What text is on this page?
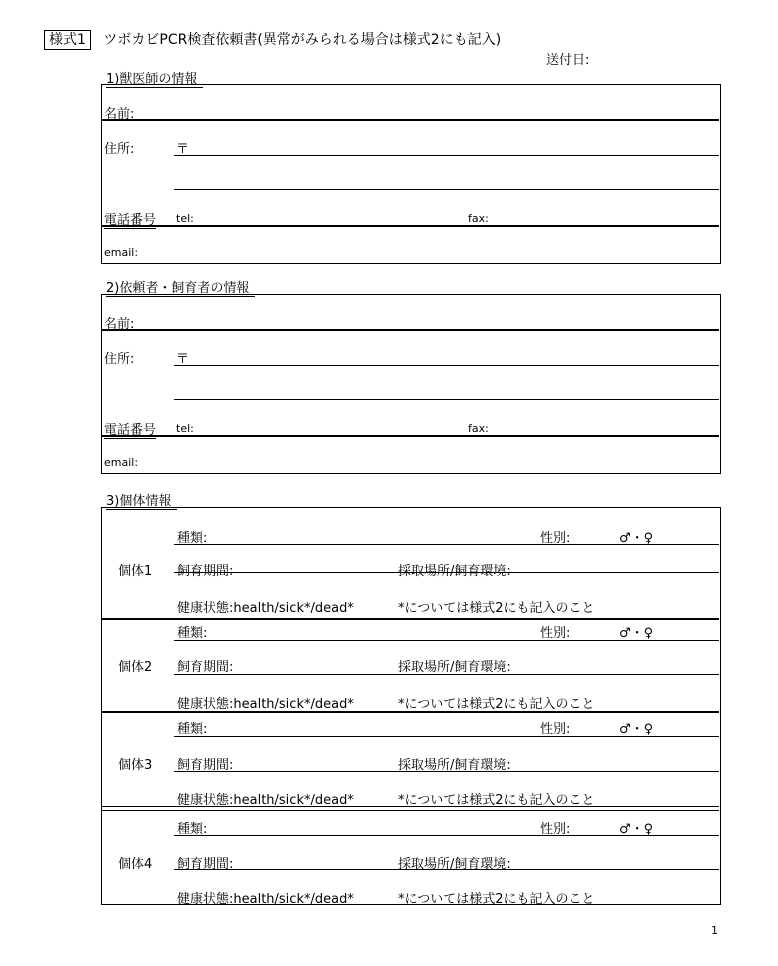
様式1 ツボカビPCR検査依頼書(異常がみられる場合は様式2にも記入)
送付日:
1)獣医師の情報
名前:
住所:	〒
電話番号 tel:	fax:
email:
2)依頼者・飼育者の情報
名前:
住所:	〒
電話番号 tel:	fax:
email:
3)個体情報
個体1
種類:	性別:	♂・♀
飼育期間:	採取場所/飼育環境:
健康状態:health/sick*/dead*	*については様式2にも記入のこと
個体2
種類:	性別:	♂・♀
飼育期間:	採取場所/飼育環境:
健康状態:health/sick*/dead*	*については様式2にも記入のこと
個体3
種類:	性別:	♂・♀
飼育期間:	採取場所/飼育環境:
健康状態:health/sick*/dead*	*については様式2にも記入のこと
個体4
種類:	性別:	♂・♀
飼育期間:	採取場所/飼育環境:
健康状態:health/sick*/dead*	*については様式2にも記入のこと
1
